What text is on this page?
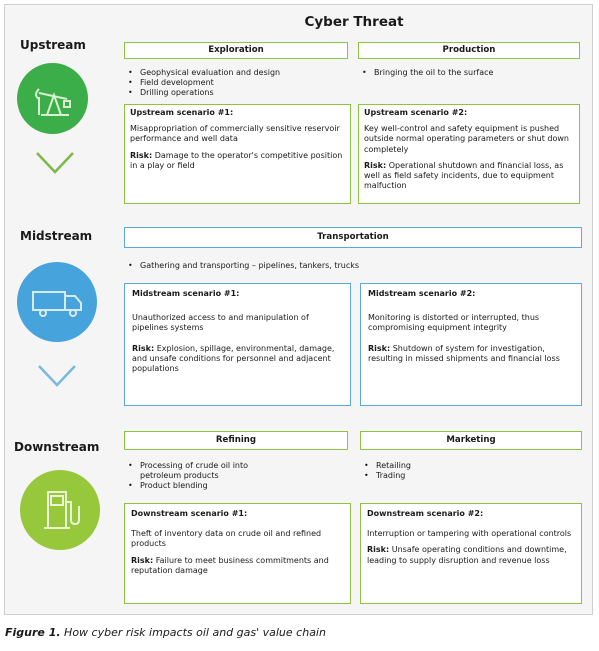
Cyber Threat
Upstream	Exploration	Production
• Geophysical evaluation and design
• Field development
• Drilling operations
• Bringing the oil to the surface
Upstream scenario #1:
Misappropriation of commercially sensitive reservoir performance and well data
Risk: Damage to the operator's competitive position in a play or field
Upstream scenario #2:
Key well-control and safety equipment is pushed outside normal operating parameters or shut down completely
Risk: Operational shutdown and financial loss, as well as field safety incidents, due to equipment malfuction
Midstream	Transportation
• Gathering and transporting – pipelines, tankers, trucks
Midstream scenario #1:
Unauthorized access to and manipulation of pipelines systems
Risk: Explosion, spillage, environmental, damage, and unsafe conditions for personnel and adjacent populations
Midstream scenario #2:
Monitoring is distorted or interrupted, thus compromising equipment integrity
Risk: Shutdown of system for investigation, resulting in missed shipments and financial loss
Downstream	Refining	Marketing
• Processing of crude oil into petroleum products
• Product blending
• Retailing
• Trading
Downstream scenario #1:
Theft of inventory data on crude oil and refined products
Risk: Failure to meet business commitments and reputation damage
Downstream scenario #2:
Interruption or tampering with operational controls
Risk: Unsafe operating conditions and downtime, leading to supply disruption and revenue loss
Figure 1. How cyber risk impacts oil and gas' value chain
